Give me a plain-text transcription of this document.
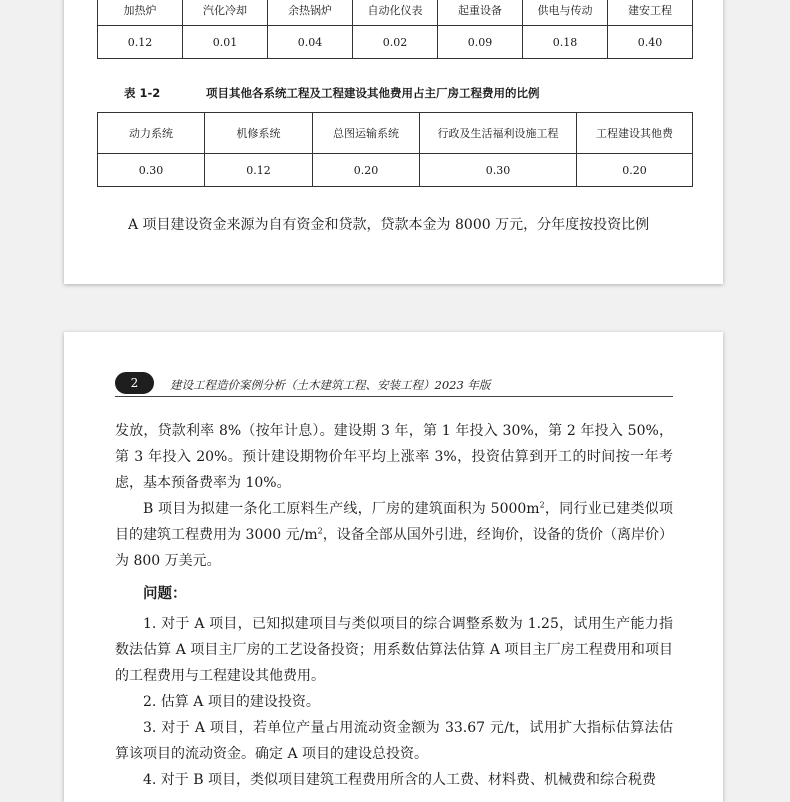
加热炉	汽化冷却	余热锅炉	自动化仪表	起重设备	供电与传动	建安工程
0.12	0.01	0.04	0.02	0.09	0.18	0.40
表 1-2	项目其他各系统工程及工程建设其他费用占主厂房工程费用的比例
动力系统	机修系统	总图运输系统	行政及生活福利设施工程	工程建设其他费
0.30	0.12	0.20	0.30	0.20
A 项目建设资金来源为自有资金和贷款，贷款本金为 8000 万元，分年度按投资比例
2	建设工程造价案例分析（土木建筑工程、安装工程）2023 年版

发放，贷款利率 8%（按年计息）。建设期 3 年，第 1 年投入 30%，第 2 年投入 50%，第 3 年投入 20%。预计建设期物价年平均上涨率 3%，投资估算到开工的时间按一年考虑，基本预备费率为 10%。

B 项目为拟建一条化工原料生产线，厂房的建筑面积为 $5000m^2$，同行业已建类似项目的建筑工程费用为 3000 元$/m^2$，设备全部从国外引进，经询价，设备的货价（离岸价）为 800 万美元。

问题：

1. 对于 A 项目，已知拟建项目与类似项目的综合调整系数为 1.25，试用生产能力指数法估算 A 项目主厂房的工艺设备投资；用系数估算法估算 A 项目主厂房工程费用和项目的工程费用与工程建设其他费用。

2. 估算 A 项目的建设投资。

3. 对于 A 项目，若单位产量占用流动资金额为 33.67 元/t，试用扩大指标估算法估算该项目的流动资金。确定 A 项目的建设总投资。

4. 对于 B 项目，类似项目建筑工程费用所含的人工费、材料费、机械费和综合税费
